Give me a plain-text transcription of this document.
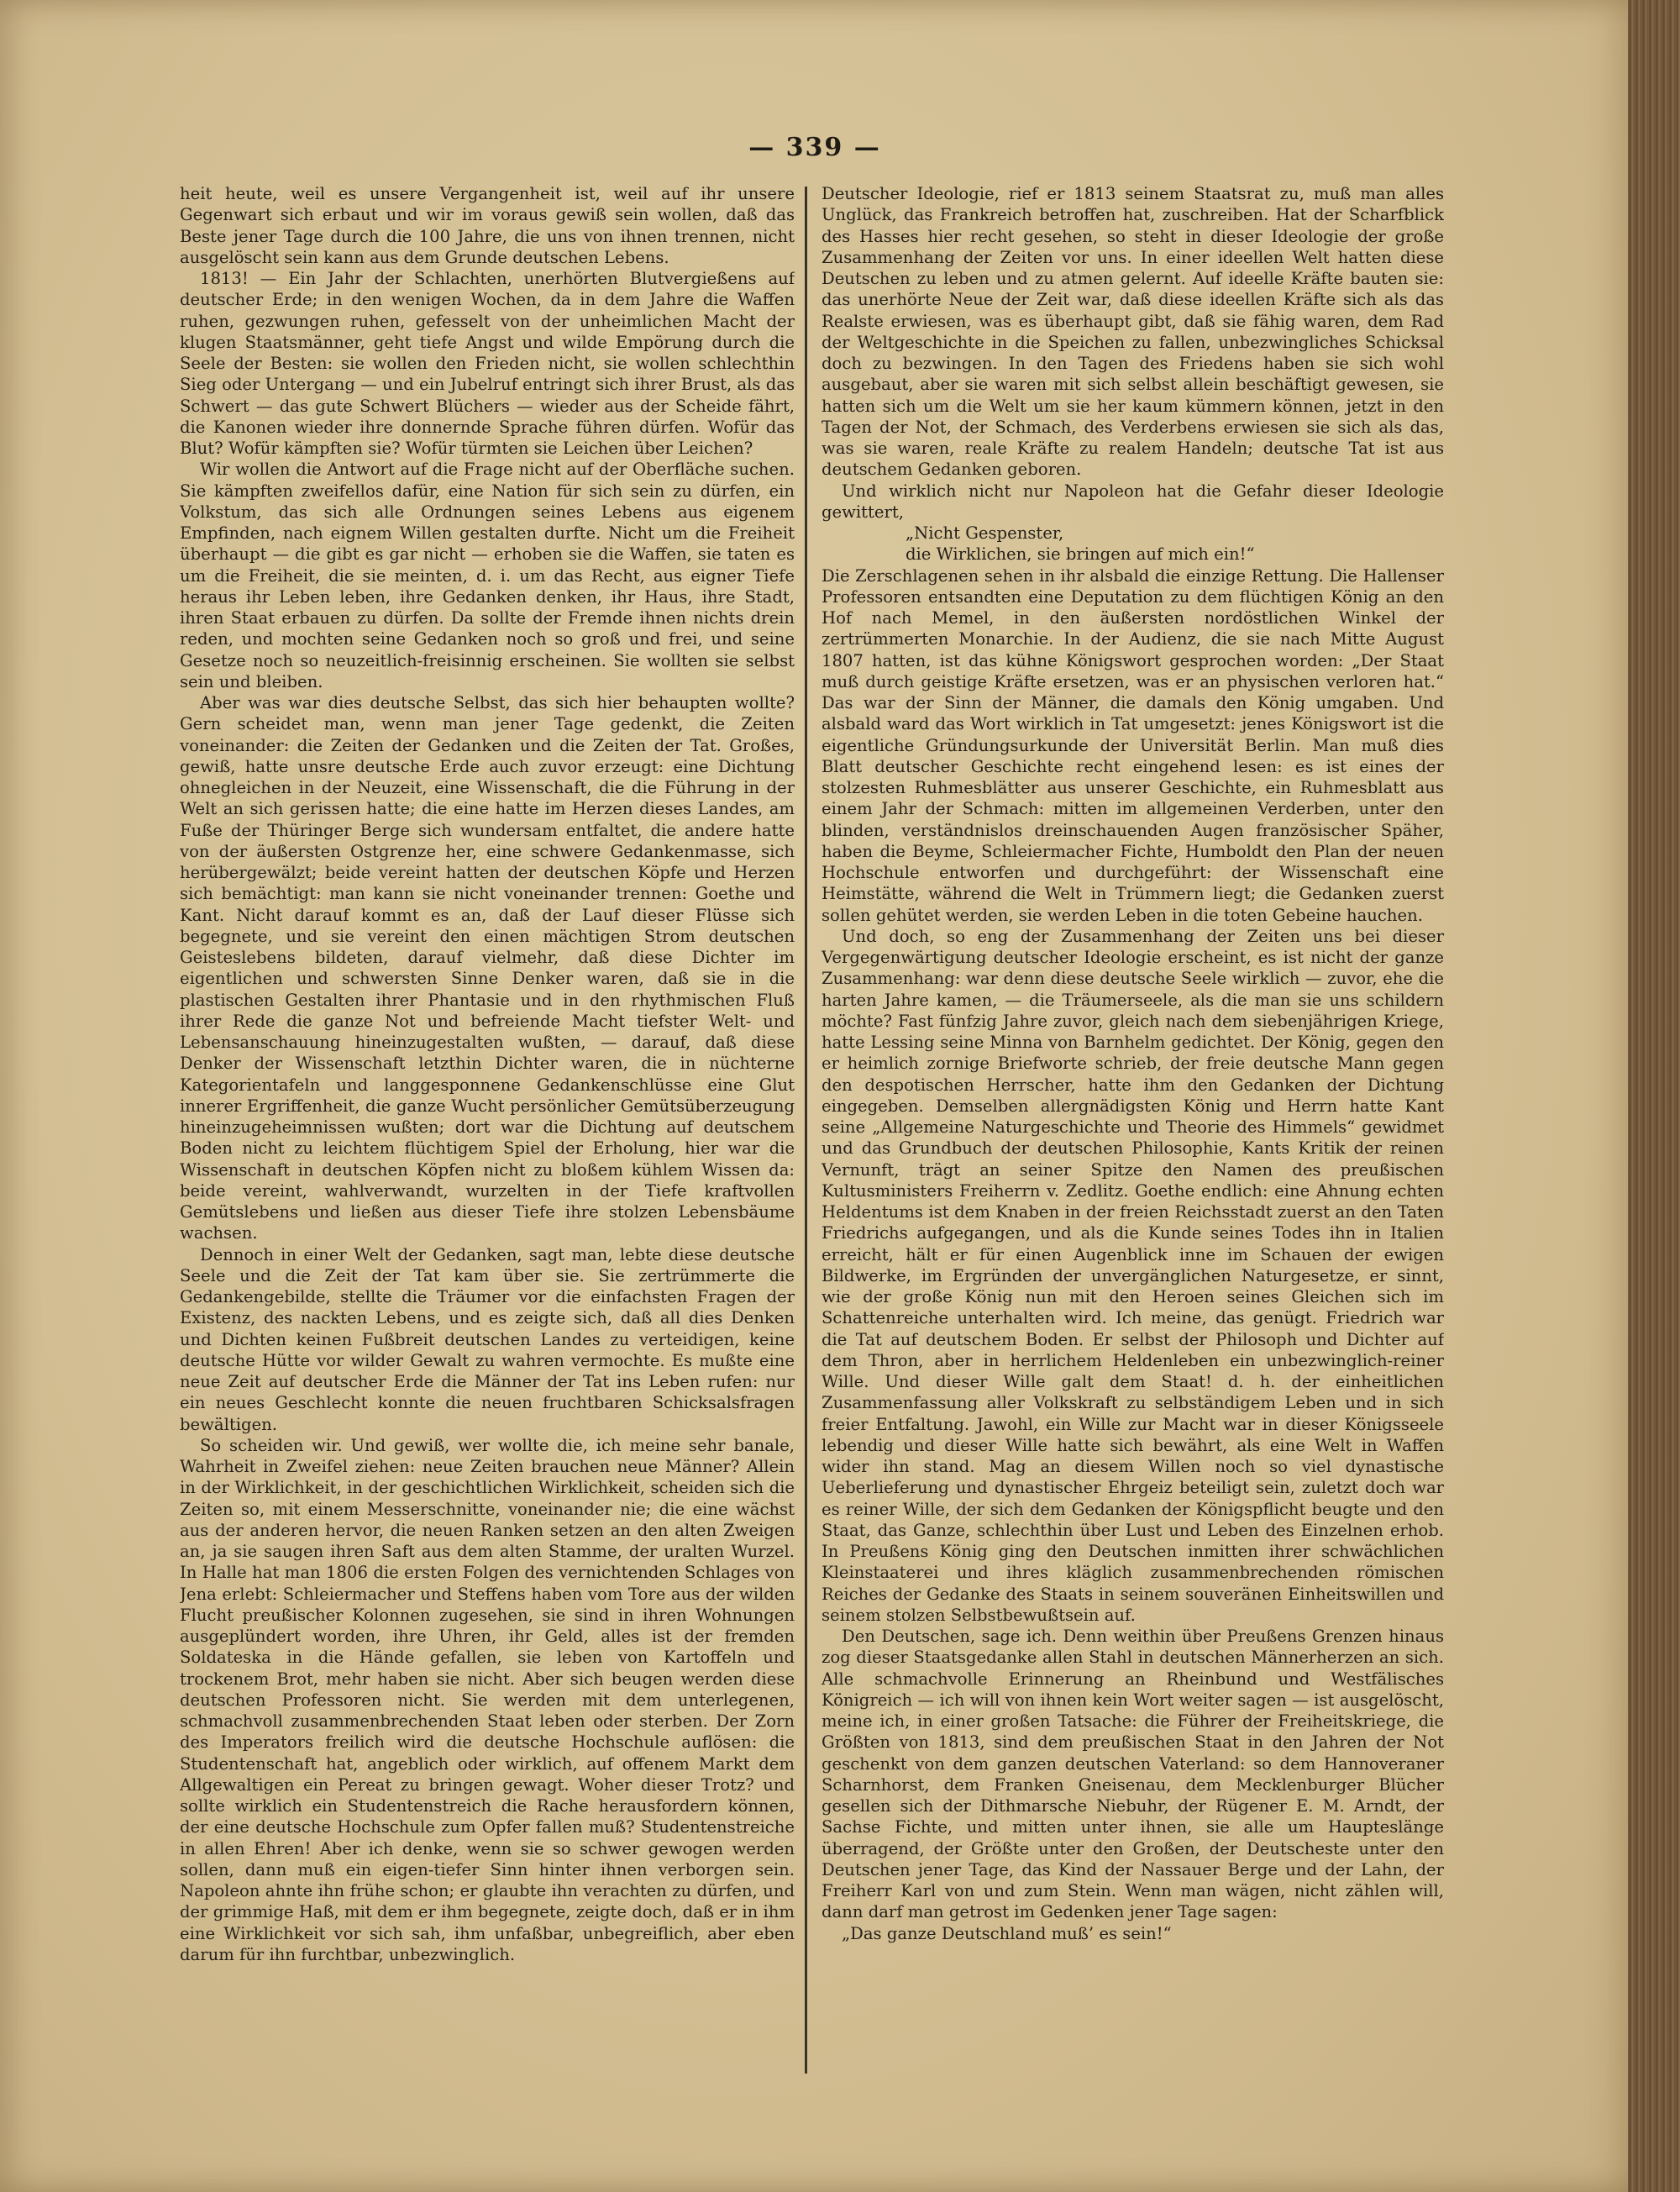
— 339 —

heit heute, weil es unsere Vergangenheit ist, weil auf ihr unsere Gegenwart sich erbaut und wir im voraus gewiß sein wollen, daß das Beste jener Tage durch die 100 Jahre, die uns von ihnen trennen, nicht ausgelöscht sein kann aus dem Grunde deutschen Lebens.

1813! — Ein Jahr der Schlachten, unerhörten Blutvergießens auf deutscher Erde; in den wenigen Wochen, da in dem Jahre die Waffen ruhen, gezwungen ruhen, gefesselt von der unheimlichen Macht der klugen Staatsmänner, geht tiefe Angst und wilde Empörung durch die Seele der Besten: sie wollen den Frieden nicht, sie wollen schlechthin Sieg oder Untergang — und ein Jubelruf entringt sich ihrer Brust, als das Schwert — das gute Schwert Blüchers — wieder aus der Scheide fährt, die Kanonen wieder ihre donnernde Sprache führen dürfen. Wofür das Blut? Wofür kämpften sie? Wofür türmten sie Leichen über Leichen?

Wir wollen die Antwort auf die Frage nicht auf der Oberfläche suchen. Sie kämpften zweifellos dafür, eine Nation für sich sein zu dürfen, ein Volkstum, das sich alle Ordnungen seines Lebens aus eigenem Empfinden, nach eignem Willen gestalten durfte. Nicht um die Freiheit überhaupt — die gibt es gar nicht — erhoben sie die Waffen, sie taten es um die Freiheit, die sie meinten, d. i. um das Recht, aus eigner Tiefe heraus ihr Leben leben, ihre Gedanken denken, ihr Haus, ihre Stadt, ihren Staat erbauen zu dürfen. Da sollte der Fremde ihnen nichts drein reden, und mochten seine Gedanken noch so groß und frei, und seine Gesetze noch so neuzeitlich-freisinnig erscheinen. Sie wollten sie selbst sein und bleiben.

Aber was war dies deutsche Selbst, das sich hier behaupten wollte? Gern scheidet man, wenn man jener Tage gedenkt, die Zeiten voneinander: die Zeiten der Gedanken und die Zeiten der Tat. Großes, gewiß, hatte unsre deutsche Erde auch zuvor erzeugt: eine Dichtung ohnegleichen in der Neuzeit, eine Wissenschaft, die die Führung in der Welt an sich gerissen hatte; die eine hatte im Herzen dieses Landes, am Fuße der Thüringer Berge sich wundersam entfaltet, die andere hatte von der äußersten Ostgrenze her, eine schwere Gedankenmasse, sich herübergewälzt; beide vereint hatten der deutschen Köpfe und Herzen sich bemächtigt: man kann sie nicht voneinander trennen: Goethe und Kant. Nicht darauf kommt es an, daß der Lauf dieser Flüsse sich begegnete, und sie vereint den einen mächtigen Strom deutschen Geisteslebens bildeten, darauf vielmehr, daß diese Dichter im eigentlichen und schwersten Sinne Denker waren, daß sie in die plastischen Gestalten ihrer Phantasie und in den rhythmischen Fluß ihrer Rede die ganze Not und befreiende Macht tiefster Welt- und Lebensanschauung hineinzugestalten wußten, — darauf, daß diese Denker der Wissenschaft letzthin Dichter waren, die in nüchterne Kategorientafeln und langgesponnene Gedankenschlüsse eine Glut innerer Ergriffenheit, die ganze Wucht persönlicher Gemütsüberzeugung hineinzugeheimnissen wußten; dort war die Dichtung auf deutschem Boden nicht zu leichtem flüchtigem Spiel der Erholung, hier war die Wissenschaft in deutschen Köpfen nicht zu bloßem kühlem Wissen da: beide vereint, wahlverwandt, wurzelten in der Tiefe kraftvollen Gemütslebens und ließen aus dieser Tiefe ihre stolzen Lebensbäume wachsen.

Dennoch in einer Welt der Gedanken, sagt man, lebte diese deutsche Seele und die Zeit der Tat kam über sie. Sie zertrümmerte die Gedankengebilde, stellte die Träumer vor die einfachsten Fragen der Existenz, des nackten Lebens, und es zeigte sich, daß all dies Denken und Dichten keinen Fußbreit deutschen Landes zu verteidigen, keine deutsche Hütte vor wilder Gewalt zu wahren vermochte. Es mußte eine neue Zeit auf deutscher Erde die Männer der Tat ins Leben rufen: nur ein neues Geschlecht konnte die neuen fruchtbaren Schicksalsfragen bewältigen.

So scheiden wir. Und gewiß, wer wollte die, ich meine sehr banale, Wahrheit in Zweifel ziehen: neue Zeiten brauchen neue Männer? Allein in der Wirklichkeit, in der geschichtlichen Wirklichkeit, scheiden sich die Zeiten so, mit einem Messerschnitte, voneinander nie; die eine wächst aus der anderen hervor, die neuen Ranken setzen an den alten Zweigen an, ja sie saugen ihren Saft aus dem alten Stamme, der uralten Wurzel. In Halle hat man 1806 die ersten Folgen des vernichtenden Schlages von Jena erlebt: Schleiermacher und Steffens haben vom Tore aus der wilden Flucht preußischer Kolonnen zugesehen, sie sind in ihren Wohnungen ausgeplündert worden, ihre Uhren, ihr Geld, alles ist der fremden Soldateska in die Hände gefallen, sie leben von Kartoffeln und trockenem Brot, mehr haben sie nicht. Aber sich beugen werden diese deutschen Professoren nicht. Sie werden mit dem unterlegenen, schmachvoll zusammenbrechenden Staat leben oder sterben. Der Zorn des Imperators freilich wird die deutsche Hochschule auflösen: die Studentenschaft hat, angeblich oder wirklich, auf offenem Markt dem Allgewaltigen ein Pereat zu bringen gewagt. Woher dieser Trotz? und sollte wirklich ein Studentenstreich die Rache herausfordern können, der eine deutsche Hochschule zum Opfer fallen muß? Studentenstreiche in allen Ehren! Aber ich denke, wenn sie so schwer gewogen werden sollen, dann muß ein eigen-tiefer Sinn hinter ihnen verborgen sein. Napoleon ahnte ihn frühe schon; er glaubte ihn verachten zu dürfen, und der grimmige Haß, mit dem er ihm begegnete, zeigte doch, daß er in ihm eine Wirklichkeit vor sich sah, ihm unfaßbar, unbegreiflich, aber eben darum für ihn furchtbar, unbezwinglich.

Deutscher Ideologie, rief er 1813 seinem Staatsrat zu, muß man alles Unglück, das Frankreich betroffen hat, zuschreiben. Hat der Scharfblick des Hasses hier recht gesehen, so steht in dieser Ideologie der große Zusammenhang der Zeiten vor uns. In einer ideellen Welt hatten diese Deutschen zu leben und zu atmen gelernt. Auf ideelle Kräfte bauten sie: das unerhörte Neue der Zeit war, daß diese ideellen Kräfte sich als das Realste erwiesen, was es überhaupt gibt, daß sie fähig waren, dem Rad der Weltgeschichte in die Speichen zu fallen, unbezwingliches Schicksal doch zu bezwingen. In den Tagen des Friedens haben sie sich wohl ausgebaut, aber sie waren mit sich selbst allein beschäftigt gewesen, sie hatten sich um die Welt um sie her kaum kümmern können, jetzt in den Tagen der Not, der Schmach, des Verderbens erwiesen sie sich als das, was sie waren, reale Kräfte zu realem Handeln; deutsche Tat ist aus deutschem Gedanken geboren.

Und wirklich nicht nur Napoleon hat die Gefahr dieser Ideologie gewittert,

„Nicht Gespenster,

die Wirklichen, sie bringen auf mich ein!“

Die Zerschlagenen sehen in ihr alsbald die einzige Rettung. Die Hallenser Professoren entsandten eine Deputation zu dem flüchtigen König an den Hof nach Memel, in den äußersten nordöstlichen Winkel der zertrümmerten Monarchie. In der Audienz, die sie nach Mitte August 1807 hatten, ist das kühne Königswort gesprochen worden: „Der Staat muß durch geistige Kräfte ersetzen, was er an physischen verloren hat.“ Das war der Sinn der Männer, die damals den König umgaben. Und alsbald ward das Wort wirklich in Tat umgesetzt: jenes Königswort ist die eigentliche Gründungsurkunde der Universität Berlin. Man muß dies Blatt deutscher Geschichte recht eingehend lesen: es ist eines der stolzesten Ruhmesblätter aus unserer Geschichte, ein Ruhmesblatt aus einem Jahr der Schmach: mitten im allgemeinen Verderben, unter den blinden, verständnislos dreinschauenden Augen französischer Späher, haben die Beyme, Schleiermacher Fichte, Humboldt den Plan der neuen Hochschule entworfen und durchgeführt: der Wissenschaft eine Heimstätte, während die Welt in Trümmern liegt; die Gedanken zuerst sollen gehütet werden, sie werden Leben in die toten Gebeine hauchen.

Und doch, so eng der Zusammenhang der Zeiten uns bei dieser Vergegenwärtigung deutscher Ideologie erscheint, es ist nicht der ganze Zusammenhang: war denn diese deutsche Seele wirklich — zuvor, ehe die harten Jahre kamen, — die Träumerseele, als die man sie uns schildern möchte? Fast fünfzig Jahre zuvor, gleich nach dem siebenjährigen Kriege, hatte Lessing seine Minna von Barnhelm gedichtet. Der König, gegen den er heimlich zornige Briefworte schrieb, der freie deutsche Mann gegen den despotischen Herrscher, hatte ihm den Gedanken der Dichtung eingegeben. Demselben allergnädigsten König und Herrn hatte Kant seine „Allgemeine Naturgeschichte und Theorie des Himmels“ gewidmet und das Grundbuch der deutschen Philosophie, Kants Kritik der reinen Vernunft, trägt an seiner Spitze den Namen des preußischen Kultusministers Freiherrn v. Zedlitz. Goethe endlich: eine Ahnung echten Heldentums ist dem Knaben in der freien Reichsstadt zuerst an den Taten Friedrichs aufgegangen, und als die Kunde seines Todes ihn in Italien erreicht, hält er für einen Augenblick inne im Schauen der ewigen Bildwerke, im Ergründen der unvergänglichen Naturgesetze, er sinnt, wie der große König nun mit den Heroen seines Gleichen sich im Schattenreiche unterhalten wird. Ich meine, das genügt. Friedrich war die Tat auf deutschem Boden. Er selbst der Philosoph und Dichter auf dem Thron, aber in herrlichem Heldenleben ein unbezwinglich-reiner Wille. Und dieser Wille galt dem Staat! d. h. der einheitlichen Zusammenfassung aller Volkskraft zu selbständigem Leben und in sich freier Entfaltung. Jawohl, ein Wille zur Macht war in dieser Königsseele lebendig und dieser Wille hatte sich bewährt, als eine Welt in Waffen wider ihn stand. Mag an diesem Willen noch so viel dynastische Ueberlieferung und dynastischer Ehrgeiz beteiligt sein, zuletzt doch war es reiner Wille, der sich dem Gedanken der Königspflicht beugte und den Staat, das Ganze, schlechthin über Lust und Leben des Einzelnen erhob. In Preußens König ging den Deutschen inmitten ihrer schwächlichen Kleinstaaterei und ihres kläglich zusammenbrechenden römischen Reiches der Gedanke des Staats in seinem souveränen Einheitswillen und seinem stolzen Selbstbewußtsein auf.

Den Deutschen, sage ich. Denn weithin über Preußens Grenzen hinaus zog dieser Staatsgedanke allen Stahl in deutschen Männerherzen an sich. Alle schmachvolle Erinnerung an Rheinbund und Westfälisches Königreich — ich will von ihnen kein Wort weiter sagen — ist ausgelöscht, meine ich, in einer großen Tatsache: die Führer der Freiheitskriege, die Größten von 1813, sind dem preußischen Staat in den Jahren der Not geschenkt von dem ganzen deutschen Vaterland: so dem Hannoveraner Scharnhorst, dem Franken Gneisenau, dem Mecklenburger Blücher gesellen sich der Dithmarsche Niebuhr, der Rügener E. M. Arndt, der Sachse Fichte, und mitten unter ihnen, sie alle um Hauptеslänge überragend, der Größte unter den Großen, der Deutscheste unter den Deutschen jener Tage, das Kind der Nassauer Berge und der Lahn, der Freiherr Karl von und zum Stein. Wenn man wägen, nicht zählen will, dann darf man getrost im Gedenken jener Tage sagen:

„Das ganze Deutschland muß’ es sein!“
